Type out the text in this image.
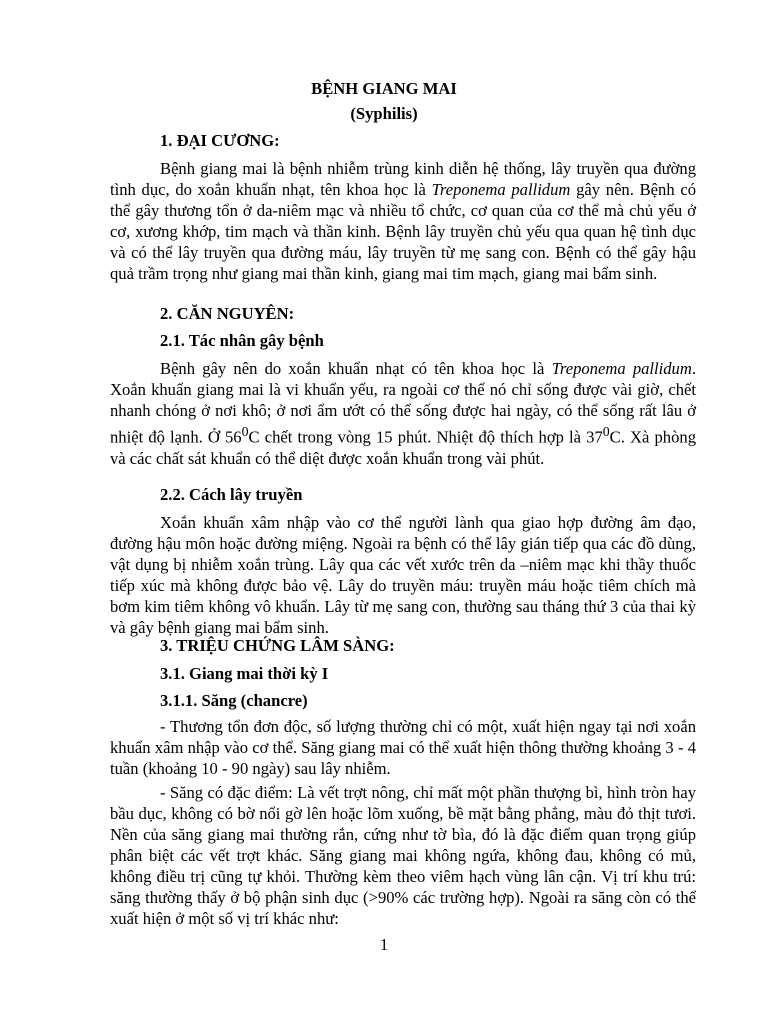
BỆNH GIANG MAI
(Syphilis)
1. ĐẠI CƯƠNG:
Bệnh giang mai là bệnh nhiễm trùng kinh diễn hệ thống, lây truyền qua đường tình dục, do xoắn khuẩn nhạt, tên khoa học là Treponema pallidum gây nên. Bệnh có thể gây thương tổn ở da-niêm mạc và nhiều tổ chức, cơ quan của cơ thể mà chủ yếu ở cơ, xương khớp, tim mạch và thần kinh. Bệnh lây truyền chủ yếu qua quan hệ tình dục và có thể lây truyền qua đường máu, lây truyền từ mẹ sang con. Bệnh có thể gây hậu quả trầm trọng như giang mai thần kinh, giang mai tim mạch, giang mai bẩm sinh.
2. CĂN NGUYÊN:
2.1. Tác nhân gây bệnh
Bệnh gây nên do xoắn khuẩn nhạt có tên khoa học là Treponema pallidum. Xoắn khuẩn giang mai là vi khuẩn yếu, ra ngoài cơ thể nó chỉ sống được vài giờ, chết nhanh chóng ở nơi khô; ở nơi ẩm ướt có thể sống được hai ngày, có thể sống rất lâu ở nhiệt độ lạnh. Ở $56^0C$ chết trong vòng 15 phút. Nhiệt độ thích hợp là $37^0C$. Xà phòng và các chất sát khuẩn có thể diệt được xoắn khuẩn trong vài phút.
2.2. Cách lây truyền
Xoắn khuẩn xâm nhập vào cơ thể người lành qua giao hợp đường âm đạo, đường hậu môn hoặc đường miệng. Ngoài ra bệnh có thể lây gián tiếp qua các đồ dùng, vật dụng bị nhiễm xoắn trùng. Lây qua các vết xước trên da –niêm mạc khi thầy thuốc tiếp xúc mà không được bảo vệ. Lây do truyền máu: truyền máu hoặc tiêm chích mà bơm kim tiêm không vô khuẩn. Lây từ mẹ sang con, thường sau tháng thứ 3 của thai kỳ và gây bệnh giang mai bẩm sinh.
3. TRIỆU CHỨNG LÂM SÀNG:
3.1. Giang mai thời kỳ I
3.1.1. Săng (chancre)
- Thương tổn đơn độc, số lượng thường chỉ có một, xuất hiện ngay tại nơi xoắn khuẩn xâm nhập vào cơ thể. Săng giang mai có thể xuất hiện thông thường khoảng 3 - 4 tuần (khoảng 10 - 90 ngày) sau lây nhiễm.
- Săng có đặc điểm: Là vết trợt nông, chỉ mất một phần thượng bì, hình tròn hay bầu dục, không có bờ nổi gờ lên hoặc lõm xuống, bề mặt bằng phẳng, màu đỏ thịt tươi. Nền của săng giang mai thường rắn, cứng như tờ bìa, đó là đặc điểm quan trọng giúp phân biệt các vết trợt khác. Săng giang mai không ngứa, không đau, không có mủ, không điều trị cũng tự khỏi. Thường kèm theo viêm hạch vùng lân cận. Vị trí khu trú: săng thường thấy ở bộ phận sinh dục (>90% các trường hợp). Ngoài ra săng còn có thể xuất hiện ở một số vị trí khác như:
1
